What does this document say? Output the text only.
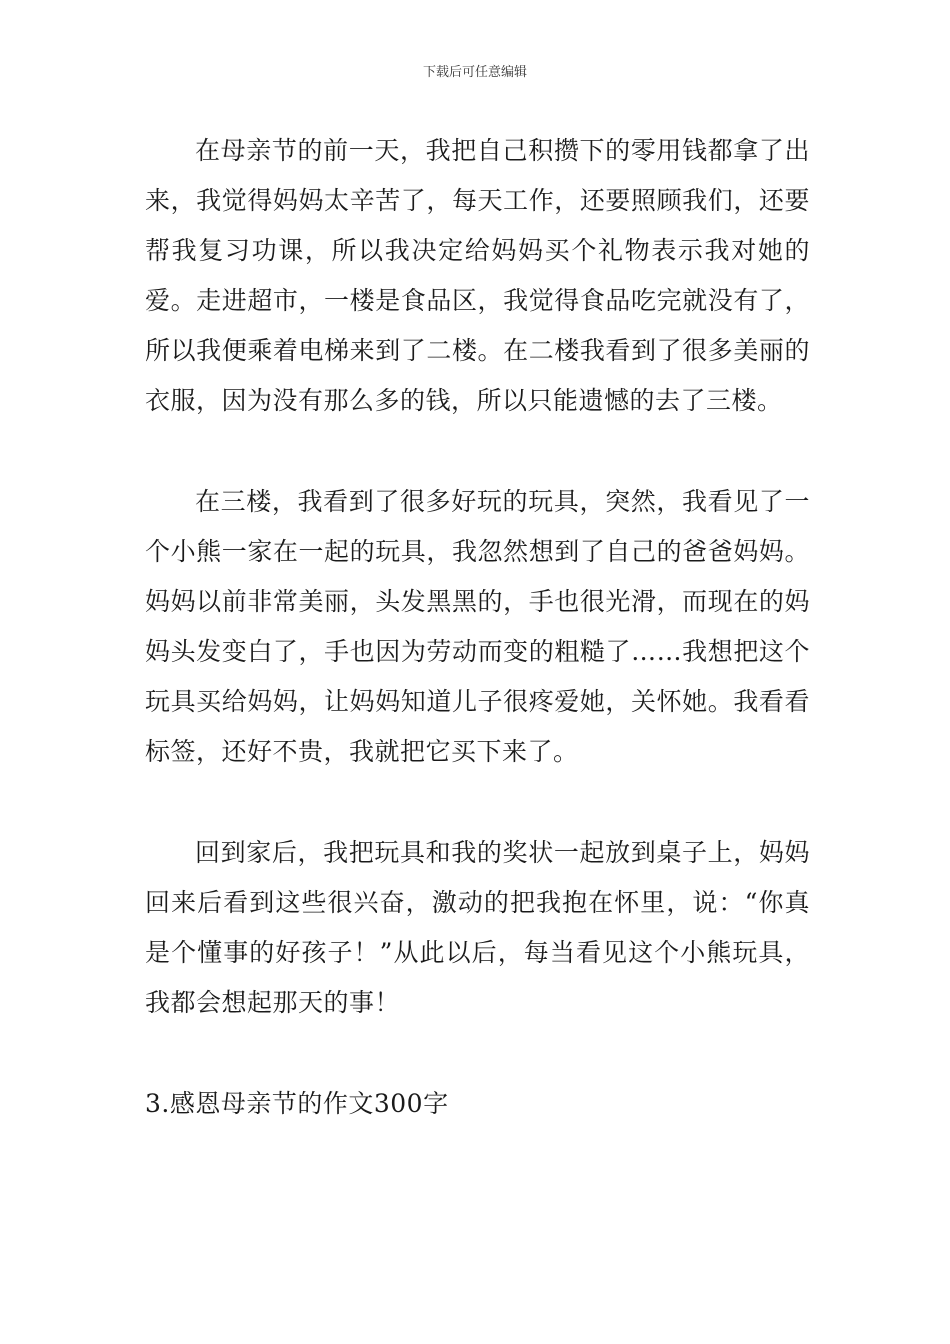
下载后可任意编辑

在母亲节的前一天，我把自己积攒下的零用钱都拿了出来，我觉得妈妈太辛苦了，每天工作，还要照顾我们，还要帮我复习功课，所以我决定给妈妈买个礼物表示我对她的爱。走进超市，一楼是食品区，我觉得食品吃完就没有了，所以我便乘着电梯来到了二楼。在二楼我看到了很多美丽的衣服，因为没有那么多的钱，所以只能遗憾的去了三楼。

在三楼，我看到了很多好玩的玩具，突然，我看见了一个小熊一家在一起的玩具，我忽然想到了自己的爸爸妈妈。妈妈以前非常美丽，头发黑黑的，手也很光滑，而现在的妈妈头发变白了，手也因为劳动而变的粗糙了……我想把这个玩具买给妈妈，让妈妈知道儿子很疼爱她，关怀她。我看看标签，还好不贵，我就把它买下来了。

回到家后，我把玩具和我的奖状一起放到桌子上，妈妈回来后看到这些很兴奋，激动的把我抱在怀里，说：“你真是个懂事的好孩子！”从此以后，每当看见这个小熊玩具，我都会想起那天的事！

3.感恩母亲节的作文300字
